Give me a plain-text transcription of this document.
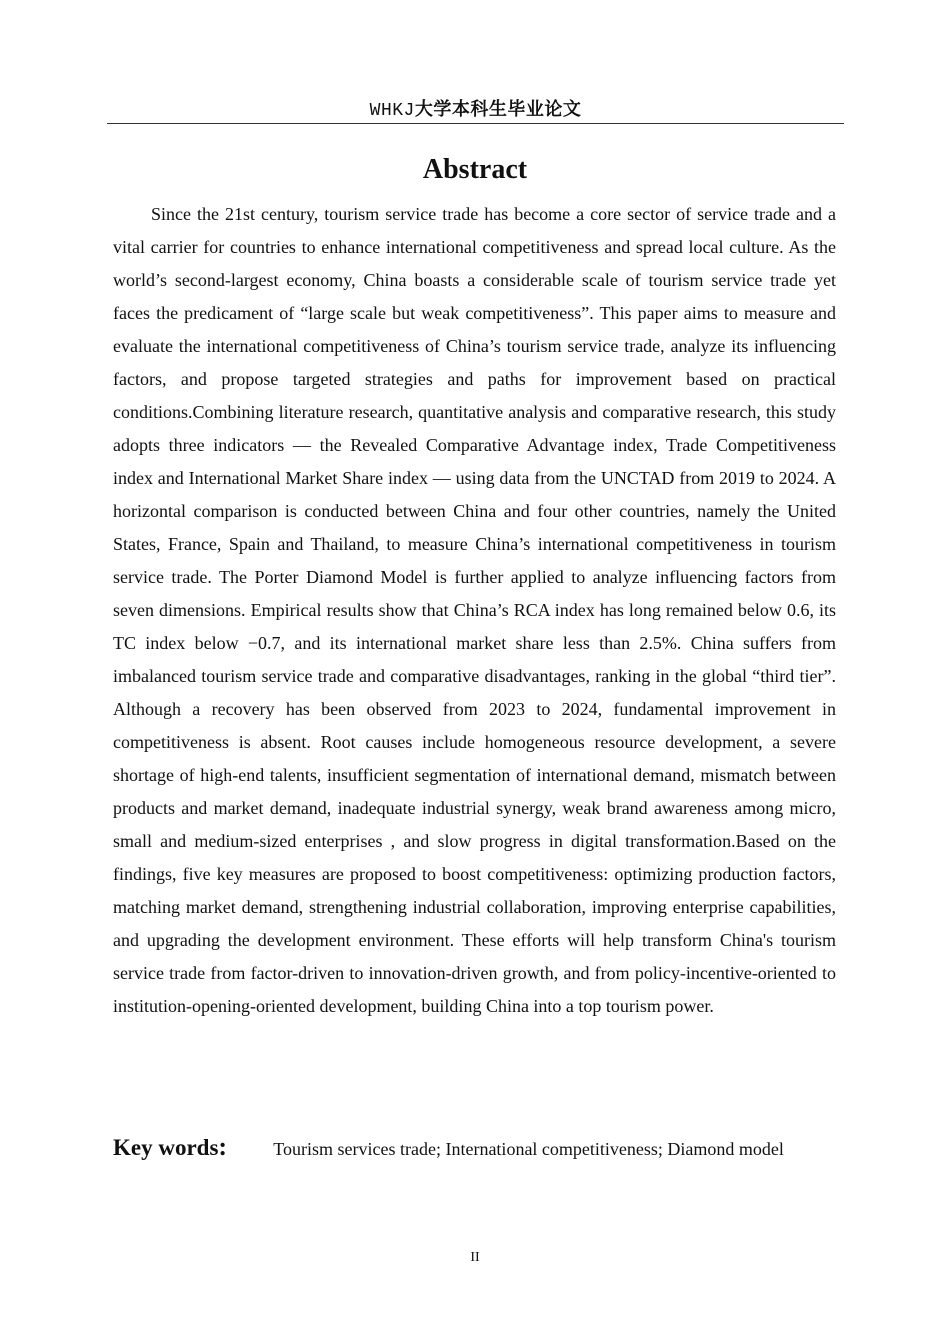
WHKJ大学本科生毕业论文
Abstract

Since the 21st century, tourism service trade has become a core sector of service trade and a vital carrier for countries to enhance international competitiveness and spread local culture. As the world’s second-largest economy, China boasts a considerable scale of tourism service trade yet faces the predicament of “large scale but weak competitiveness”. This paper aims to measure and evaluate the international competitiveness of China’s tourism service trade, analyze its influencing factors, and propose targeted strategies and paths for improvement based on practical conditions.Combining literature research, quantitative analysis and comparative research, this study adopts three indicators — the Revealed Comparative Advantage index, Trade Competitiveness index and International Market Share index — using data from the UNCTAD from 2019 to 2024. A horizontal comparison is conducted between China and four other countries, namely the United States, France, Spain and Thailand, to measure China’s international competitiveness in tourism service trade. The Porter Diamond Model is further applied to analyze influencing factors from seven dimensions. Empirical results show that China’s RCA index has long remained below 0.6, its TC index below −0.7, and its international market share less than 2.5%. China suffers from imbalanced tourism service trade and comparative disadvantages, ranking in the global “third tier”. Although a recovery has been observed from 2023 to 2024, fundamental improvement in competitiveness is absent. Root causes include homogeneous resource development, a severe shortage of high-end talents, insufficient segmentation of international demand, mismatch between products and market demand, inadequate industrial synergy, weak brand awareness among micro, small and medium-sized enterprises , and slow progress in digital transformation.Based on the findings, five key measures are proposed to boost competitiveness: optimizing production factors, matching market demand, strengthening industrial collaboration, improving enterprise capabilities, and upgrading the development environment. These efforts will help transform China's tourism service trade from factor-driven to innovation-driven growth, and from policy-incentive-oriented to institution-opening-oriented development, building China into a top tourism power.

Key words:	Tourism services trade; International competitiveness; Diamond model
II
